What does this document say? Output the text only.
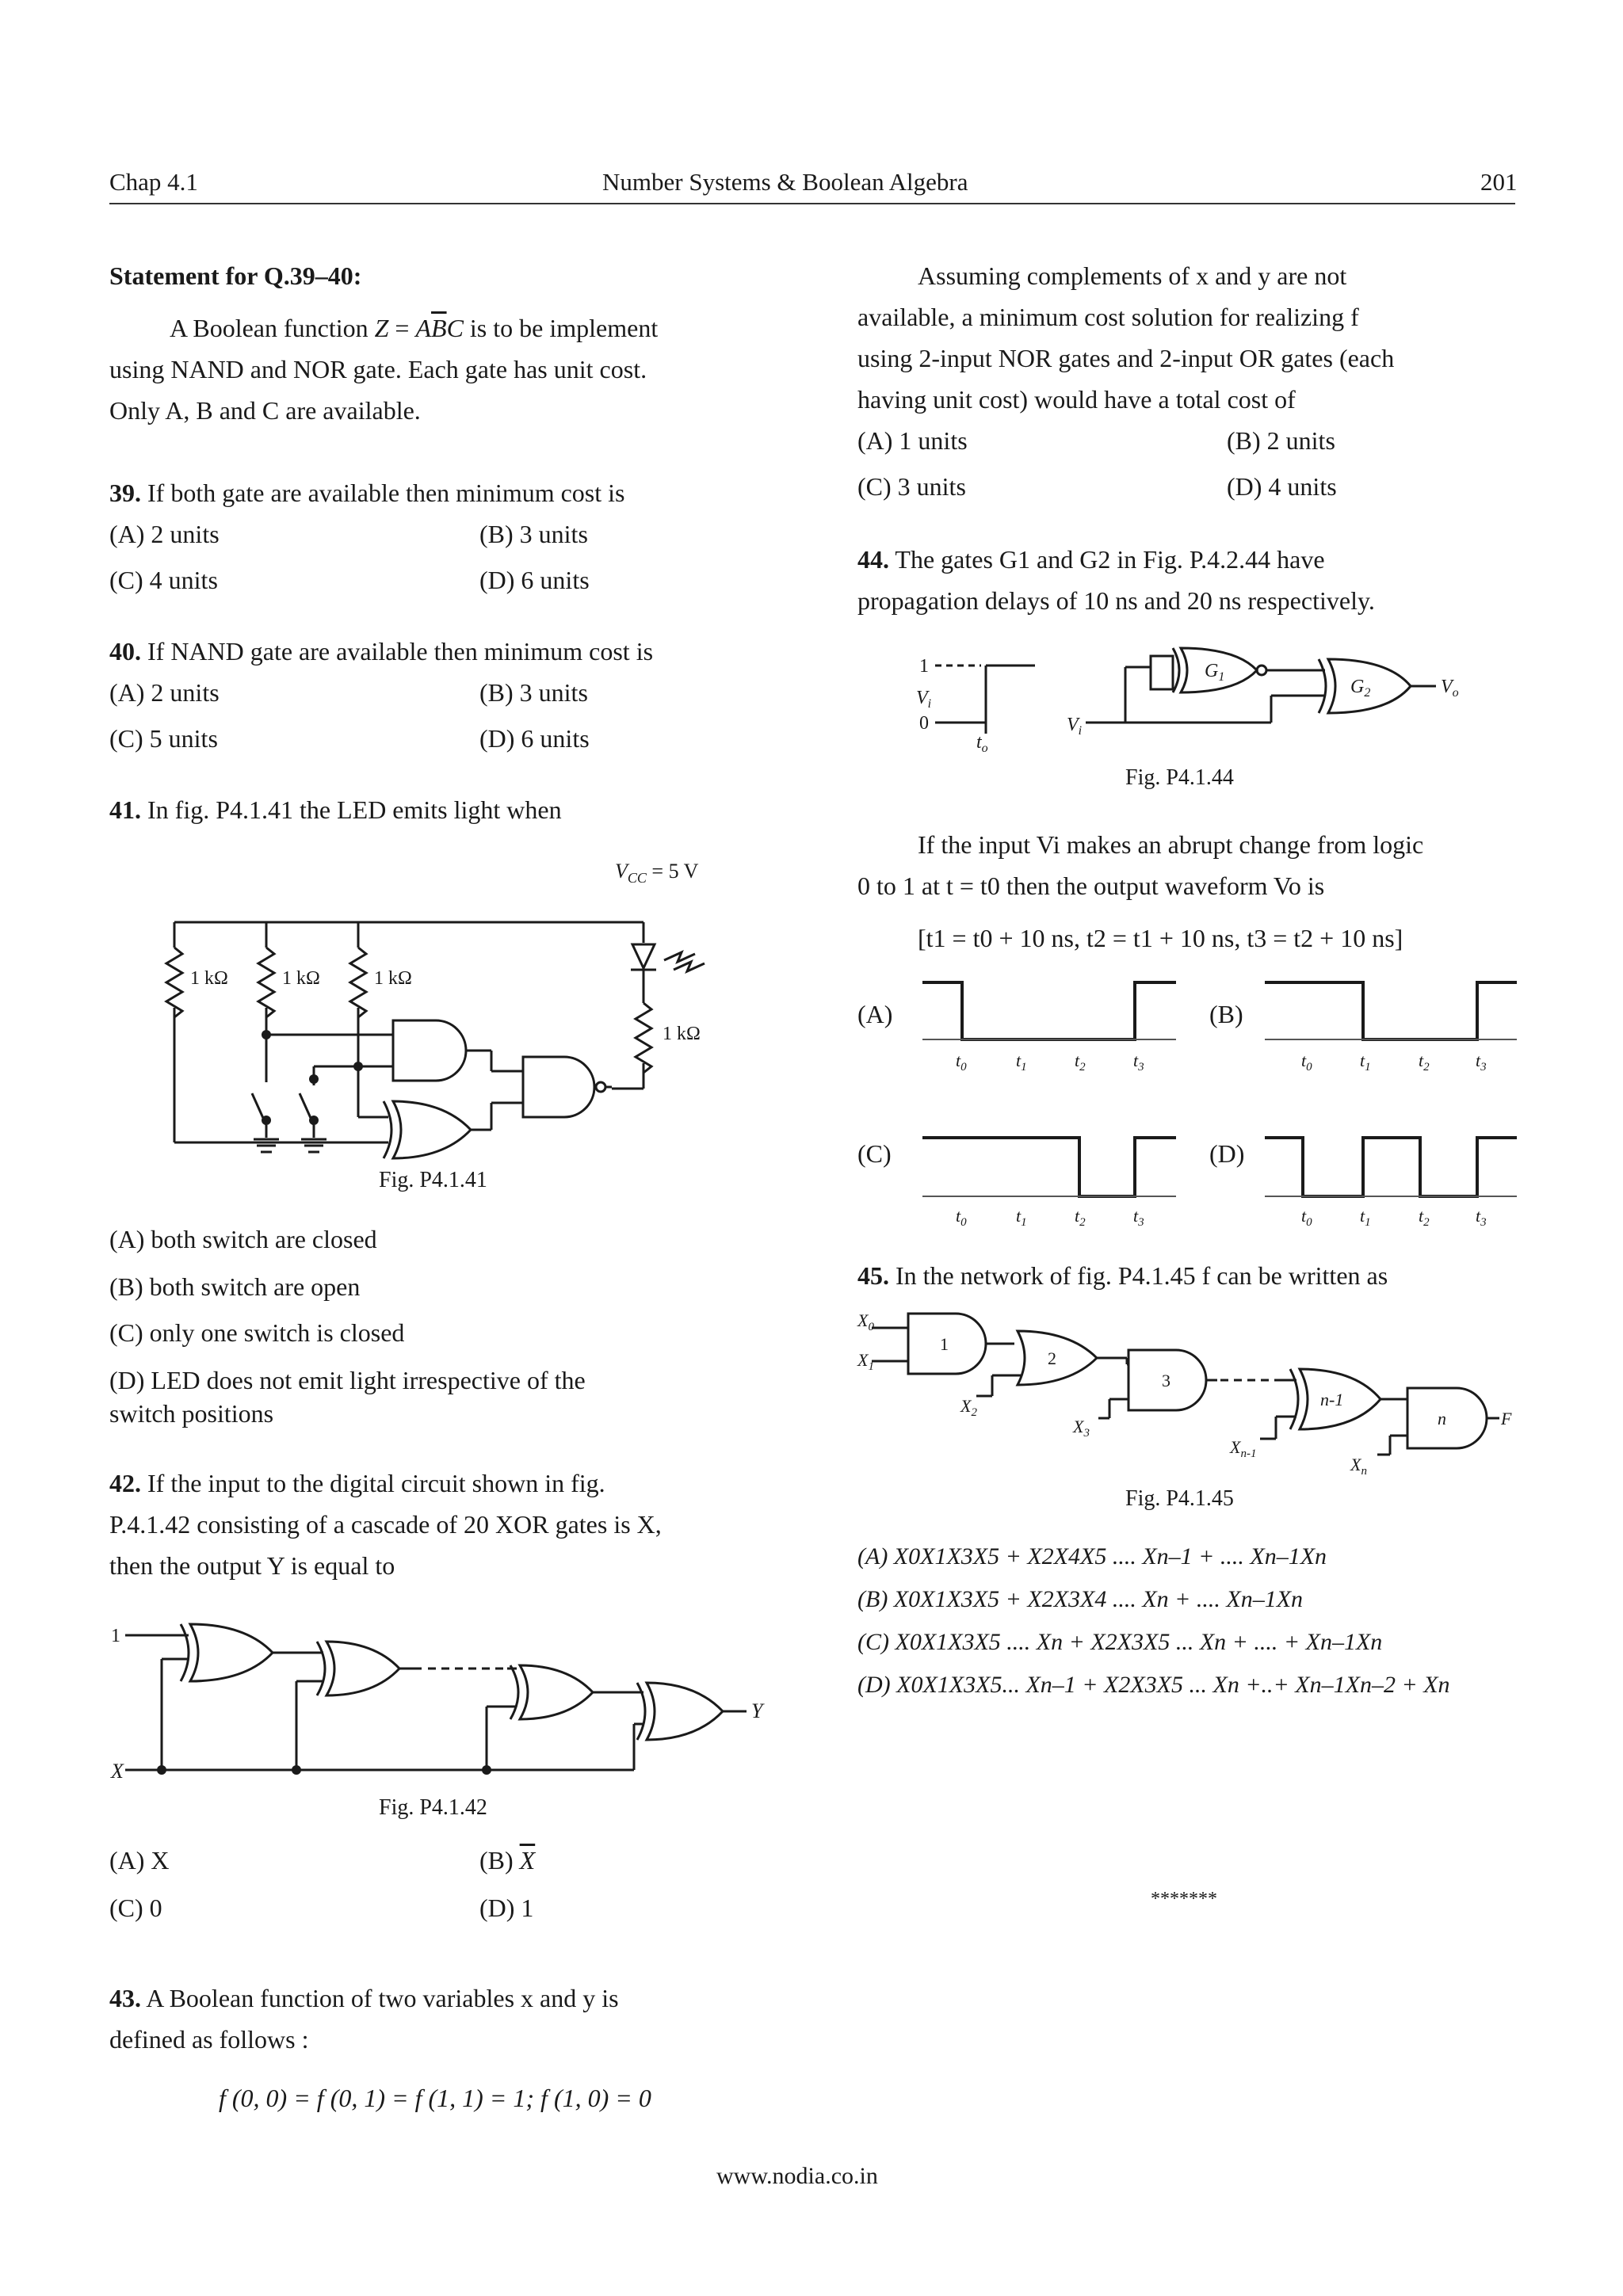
Chap 4.1	Number Systems & Boolean Algebra	201
Statement for Q.39–40:
A Boolean function $Z = A\overline{B}C$ is to be implement
using NAND and NOR gate. Each gate has unit cost.
Only A, B and C are available.
39. If both gate are available then minimum cost is
(A) 2 units	(B) 3 units
(C) 4 units	(D) 6 units
40. If NAND gate are available then minimum cost is
(A) 2 units	(B) 3 units
(C) 5 units	(D) 6 units
41. In fig. P4.1.41 the LED emits light when
$V_{CC} = 5$ V
1 kΩ	1 kΩ	1 kΩ
1 kΩ
Fig. P4.1.41
(A) both switch are closed
(B) both switch are open
(C) only one switch is closed
(D) LED does not emit light irrespective of the
switch positions
42. If the input to the digital circuit shown in fig.
P.4.1.42 consisting of a cascade of 20 XOR gates is X,
then the output Y is equal to
1
X
Y
Fig. P4.1.42
(A) X	(B) $\overline{X}$
(C) 0	(D) 1
43. A Boolean function of two variables x and y is
defined as follows :
f (0, 0) = f (0, 1) = f (1, 1) = 1; f (1, 0) = 0
Assuming complements of x and y are not
available, a minimum cost solution for realizing f
using 2-input NOR gates and 2-input OR gates (each
having unit cost) would have a total cost of
(A) 1 units	(B) 2 units
(C) 3 units	(D) 4 units
44. The gates G1 and G2 in Fig. P.4.2.44 have
propagation delays of 10 ns and 20 ns respectively.
1
0
$V_i$
$t_o$
$V_i$
$G_1$	$G_2$	$V_o$
Fig. P4.1.44
If the input Vi makes an abrupt change from logic
0 to 1 at t = t0 then the output waveform Vo is
[t1 = t0 + 10 ns, t2 = t1 + 10 ns, t3 = t2 + 10 ns]
$t_0$	$t_1$	$t_2$	$t_3$	$t_0$	$t_1$	$t_2$	$t_3$
$t_0$	$t_1$	$t_2$	$t_3$	$t_0$	$t_1$	$t_2$	$t_3$
(A)	(B)
(C)	(D)
45. In the network of fig. P4.1.45 f can be written as
$X_0$
$X_1$
$X_2$
$X_3$
$X_{n-1}$
$X_n$
F
1
2
3
n-1
n
Fig. P4.1.45
(A) X0X1X3X5 + X2X4X5 .... Xn–1 + .... Xn–1Xn
(B) X0X1X3X5 + X2X3X4 .... Xn + .... Xn–1Xn
(C) X0X1X3X5 .... Xn + X2X3X5 ... Xn + .... + Xn–1Xn
(D) X0X1X3X5... Xn–1 + X2X3X5 ... Xn +..+ Xn–1Xn–2 + Xn
*******
www.nodia.co.in
